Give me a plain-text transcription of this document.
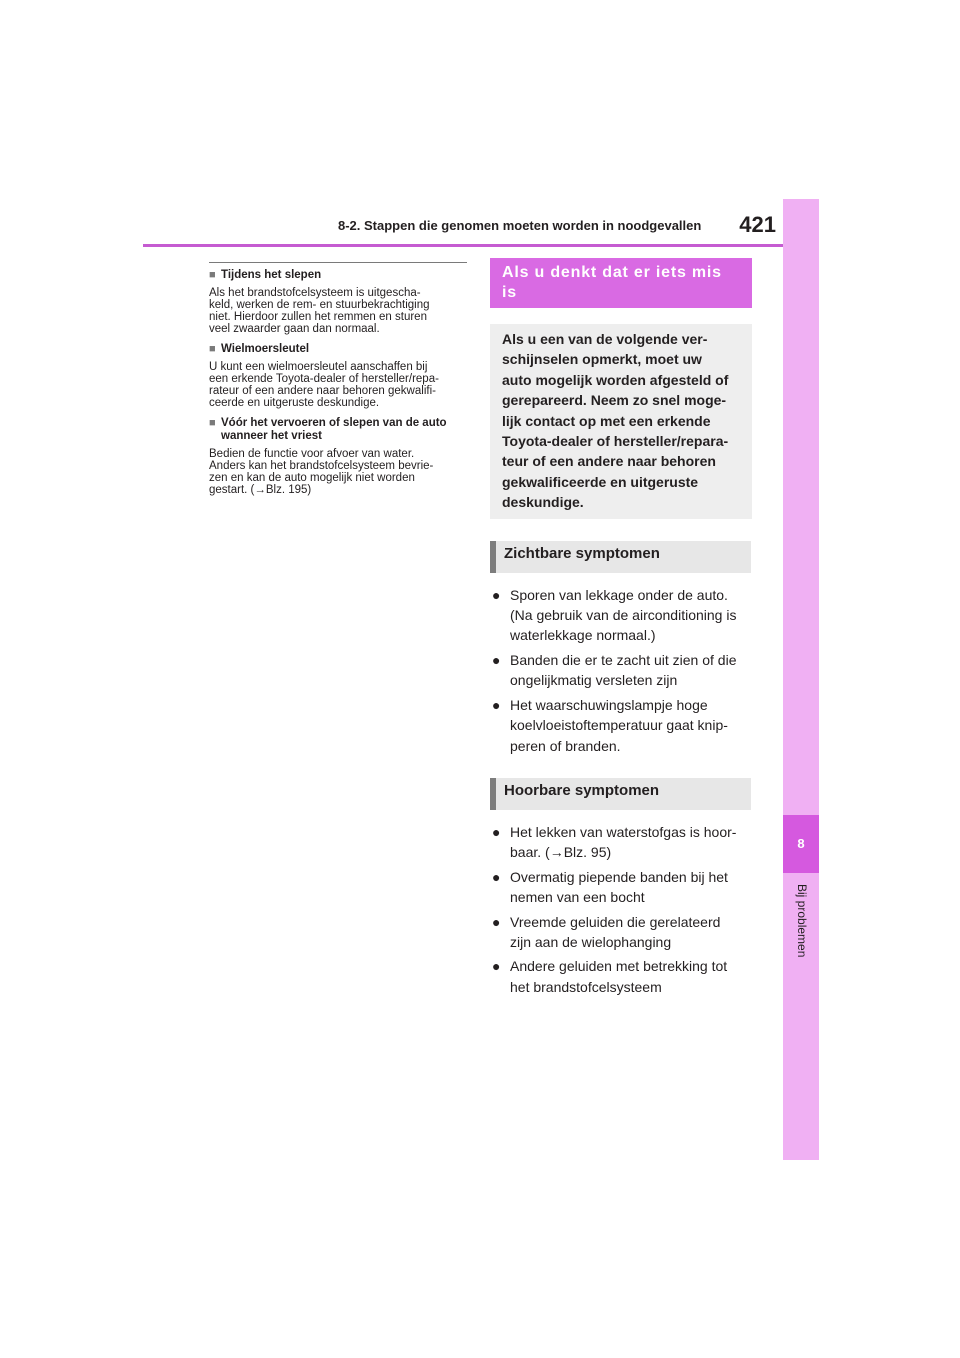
8-2. Stappen die genomen moeten worden in noodgevallen	421
8
Bij problemen
■ Tijdens het slepen
Als het brandstofcelsysteem is uitgescha-
keld, werken de rem- en stuurbekrachtiging
niet. Hierdoor zullen het remmen en sturen
veel zwaarder gaan dan normaal.
■ Wielmoersleutel
U kunt een wielmoersleutel aanschaffen bij
een erkende Toyota-dealer of hersteller/repa-
rateur of een andere naar behoren gekwalifi-
ceerde en uitgeruste deskundige.
■ Vóór het vervoeren of slepen van de auto wanneer het vriest
Bedien de functie voor afvoer van water.
Anders kan het brandstofcelsysteem bevrie-
zen en kan de auto mogelijk niet worden
gestart. (→Blz. 195)
Als u denkt dat er iets mis is
Als u een van de volgende ver-
schijnselen opmerkt, moet uw
auto mogelijk worden afgesteld of
gerepareerd. Neem zo snel moge-
lijk contact op met een erkende
Toyota-dealer of hersteller/repara-
teur of een andere naar behoren
gekwalificeerde en uitgeruste
deskundige.
Zichtbare symptomen
● Sporen van lekkage onder de auto.
(Na gebruik van de airconditioning is
waterlekkage normaal.)
● Banden die er te zacht uit zien of die
ongelijkmatig versleten zijn
● Het waarschuwingslampje hoge
koelvloeistoftemperatuur gaat knip-
peren of branden.
Hoorbare symptomen
● Het lekken van waterstofgas is hoor-
baar. (→Blz. 95)
● Overmatig piepende banden bij het
nemen van een bocht
● Vreemde geluiden die gerelateerd
zijn aan de wielophanging
● Andere geluiden met betrekking tot
het brandstofcelsysteem
